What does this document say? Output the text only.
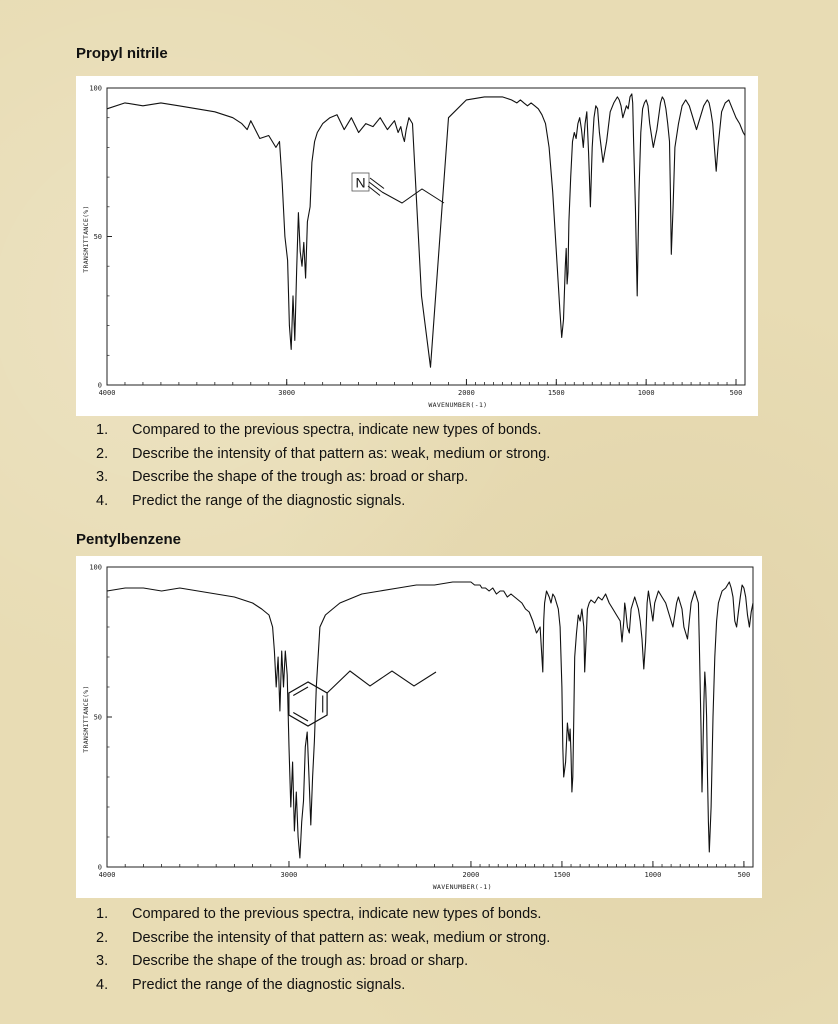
Propyl nitrile
4000	3000	2000	1500	1000	500
0
50
100
WAVENUMBER(-1)
TRANSMITTANCE(%)
N
1. Compared to the previous spectra, indicate new types of bonds.
2. Describe the intensity of that pattern as: weak, medium or strong.
3. Describe the shape of the trough as: broad or sharp.
4. Predict the range of the diagnostic signals.
Pentylbenzene
4000	3000	2000	1500	1000	500
0
50
100
WAVENUMBER(-1)
TRANSMITTANCE(%)
1. Compared to the previous spectra, indicate new types of bonds.
2. Describe the intensity of that pattern as: weak, medium or strong.
3. Describe the shape of the trough as: broad or sharp.
4. Predict the range of the diagnostic signals.
